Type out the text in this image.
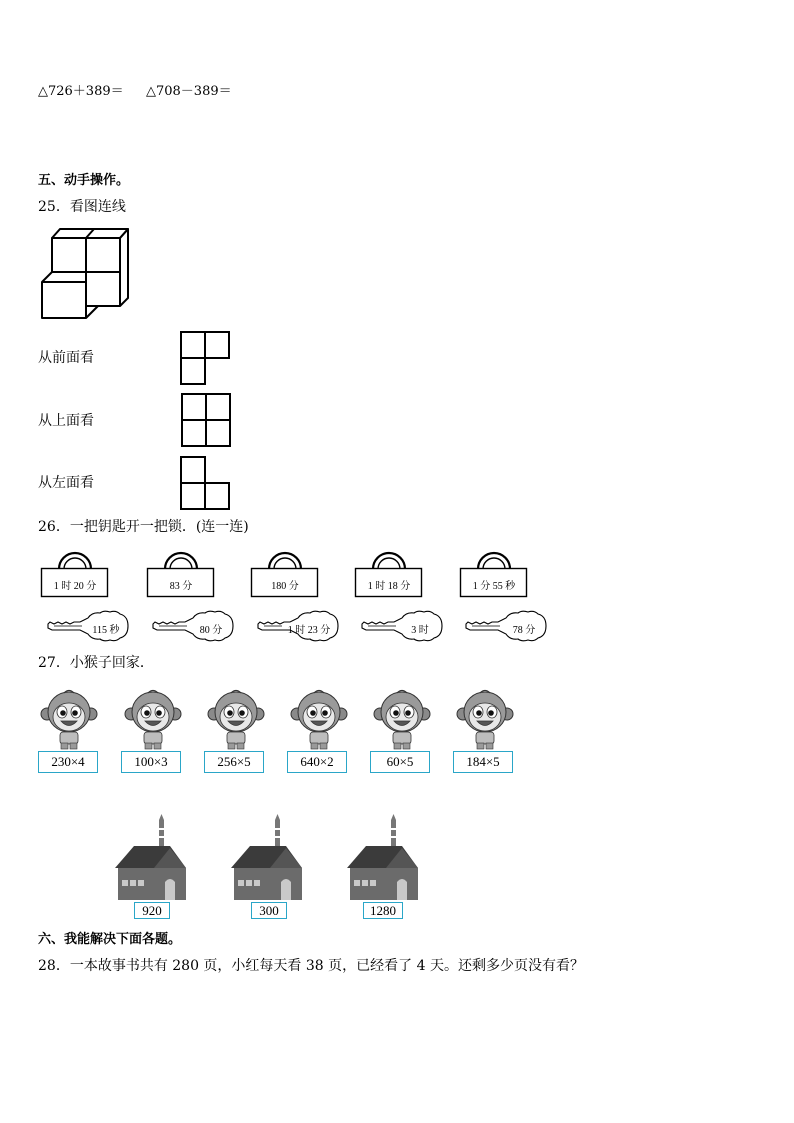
△726＋389＝ △708－389＝
五、动手操作。
25．看图连线
从前面看
从上面看
从左面看
26．一把钥匙开一把锁．(连一连)
1 时 20 分	83 分	180 分	1 时 18 分	1 分 55 秒
115 秒	80 分	1 时 23 分	3 时	78 分
27．小猴子回家．
230×4	100×3	256×5	640×2	60×5	184×5
920	300	1280
六、我能解决下面各题。
28．一本故事书共有 280 页，小红每天看 38 页，已经看了 4 天。还剩多少页没有看？
